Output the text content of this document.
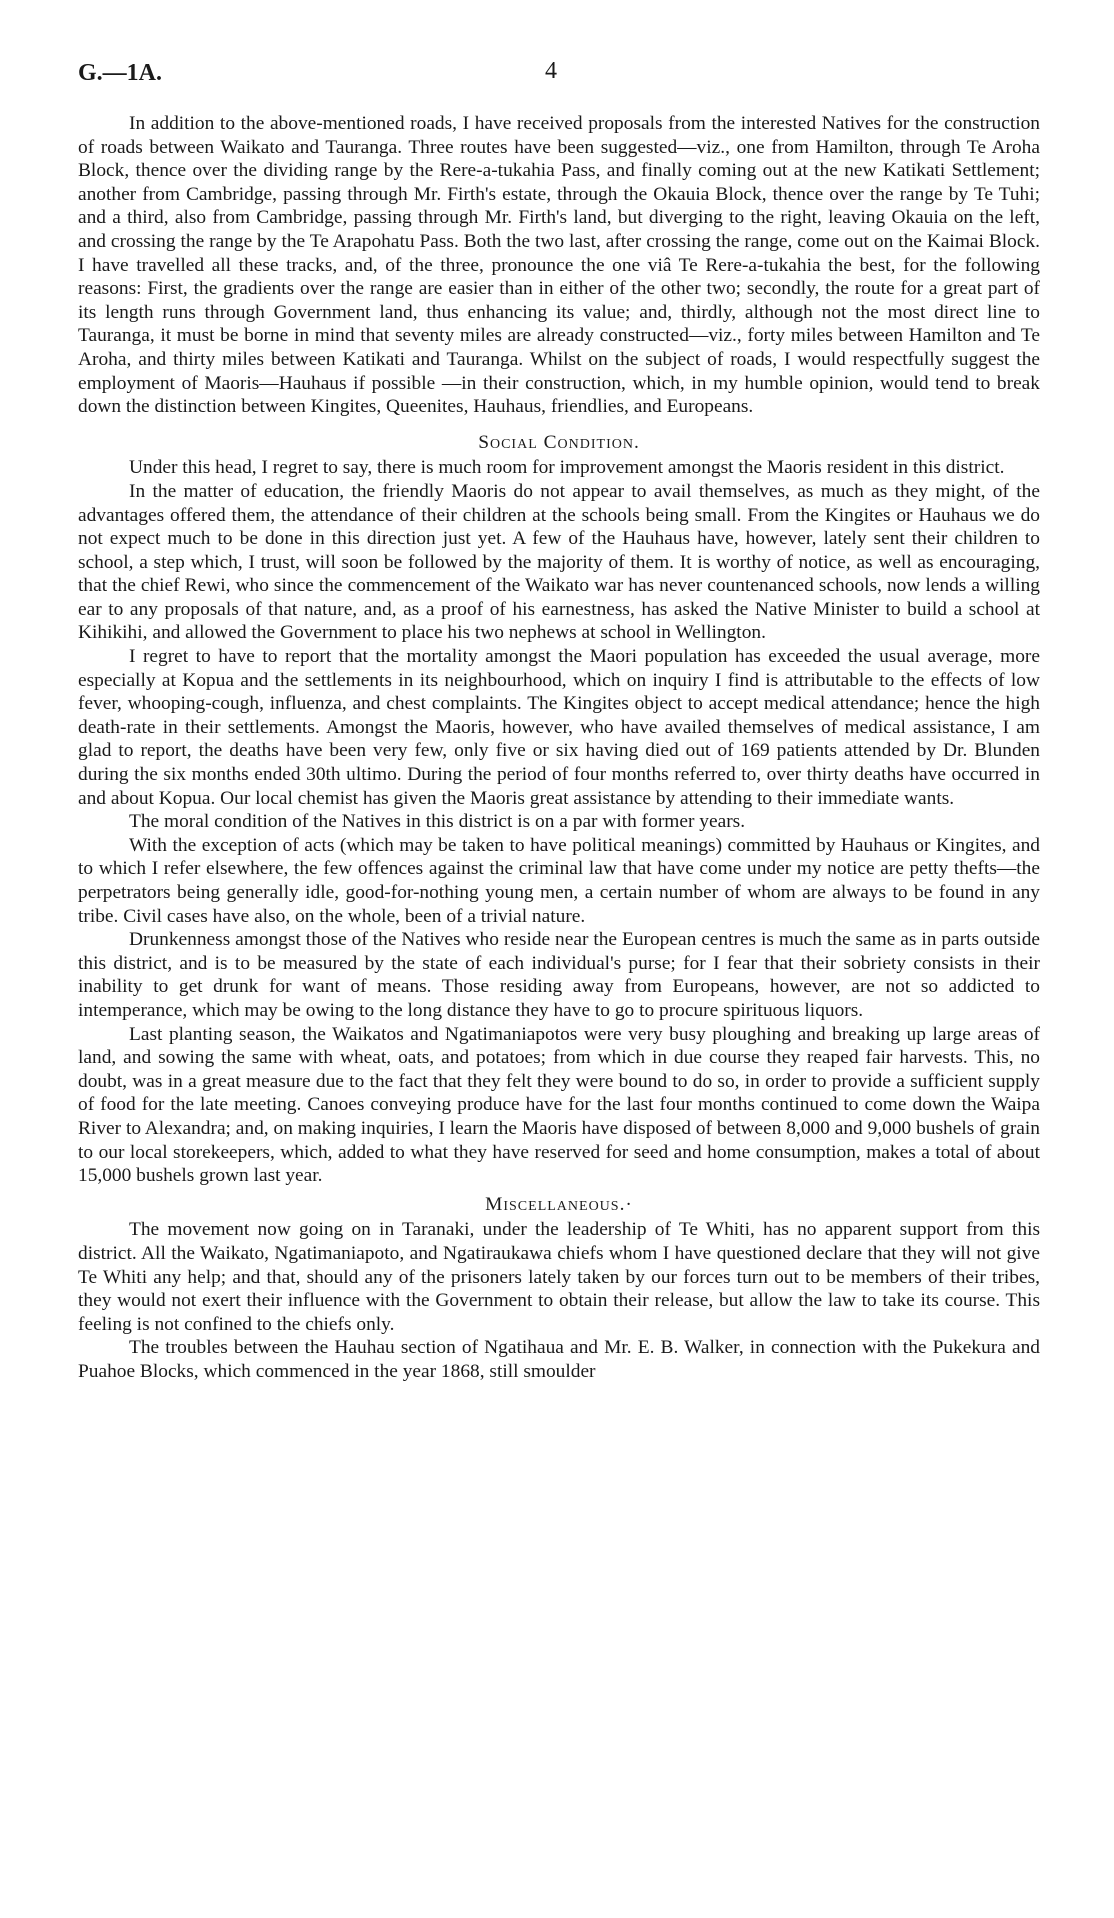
G.—1A.	4

In addition to the above-mentioned roads, I have received proposals from the interested Natives for the construction of roads between Waikato and Tauranga. Three routes have been suggested—viz., one from Hamilton, through Te Aroha Block, thence over the dividing range by the Rere-a-tukahia Pass, and finally coming out at the new Katikati Settlement; another from Cambridge, passing through Mr. Firth's estate, through the Okauia Block, thence over the range by Te Tuhi; and a third, also from Cambridge, passing through Mr. Firth's land, but diverging to the right, leaving Okauia on the left, and crossing the range by the Te Arapohatu Pass. Both the two last, after crossing the range, come out on the Kaimai Block. I have travelled all these tracks, and, of the three, pronounce the one viâ Te Rere-a-tukahia the best, for the following reasons: First, the gradients over the range are easier than in either of the other two; secondly, the route for a great part of its length runs through Government land, thus enhancing its value; and, thirdly, although not the most direct line to Tauranga, it must be borne in mind that seventy miles are already constructed—viz., forty miles between Hamilton and Te Aroha, and thirty miles between Katikati and Tauranga. Whilst on the subject of roads, I would respectfully suggest the employment of Maoris—Hauhaus if possible —in their construction, which, in my humble opinion, would tend to break down the distinction between Kingites, Queenites, Hauhaus, friendlies, and Europeans.

Social Condition.

Under this head, I regret to say, there is much room for improvement amongst the Maoris resident in this district.

In the matter of education, the friendly Maoris do not appear to avail themselves, as much as they might, of the advantages offered them, the attendance of their children at the schools being small. From the Kingites or Hauhaus we do not expect much to be done in this direction just yet. A few of the Hauhaus have, however, lately sent their children to school, a step which, I trust, will soon be followed by the majority of them. It is worthy of notice, as well as encouraging, that the chief Rewi, who since the commencement of the Waikato war has never countenanced schools, now lends a willing ear to any proposals of that nature, and, as a proof of his earnestness, has asked the Native Minister to build a school at Kihikihi, and allowed the Government to place his two nephews at school in Wellington.

I regret to have to report that the mortality amongst the Maori population has exceeded the usual average, more especially at Kopua and the settlements in its neighbourhood, which on inquiry I find is attributable to the effects of low fever, whooping-cough, influenza, and chest complaints. The Kingites object to accept medical attendance; hence the high death-rate in their settlements. Amongst the Maoris, however, who have availed themselves of medical assistance, I am glad to report, the deaths have been very few, only five or six having died out of 169 patients attended by Dr. Blunden during the six months ended 30th ultimo. During the period of four months referred to, over thirty deaths have occurred in and about Kopua. Our local chemist has given the Maoris great assistance by attending to their immediate wants.

The moral condition of the Natives in this district is on a par with former years.

With the exception of acts (which may be taken to have political meanings) committed by Hauhaus or Kingites, and to which I refer elsewhere, the few offences against the criminal law that have come under my notice are petty thefts—the perpetrators being generally idle, good-for-nothing young men, a certain number of whom are always to be found in any tribe. Civil cases have also, on the whole, been of a trivial nature.

Drunkenness amongst those of the Natives who reside near the European centres is much the same as in parts outside this district, and is to be measured by the state of each individual's purse; for I fear that their sobriety consists in their inability to get drunk for want of means. Those residing away from Europeans, however, are not so addicted to intemperance, which may be owing to the long distance they have to go to procure spirituous liquors.

Last planting season, the Waikatos and Ngatimaniapotos were very busy ploughing and breaking up large areas of land, and sowing the same with wheat, oats, and potatoes; from which in due course they reaped fair harvests. This, no doubt, was in a great measure due to the fact that they felt they were bound to do so, in order to provide a sufficient supply of food for the late meeting. Canoes conveying produce have for the last four months continued to come down the Waipa River to Alexandra; and, on making inquiries, I learn the Maoris have disposed of between 8,000 and 9,000 bushels of grain to our local storekeepers, which, added to what they have reserved for seed and home consumption, makes a total of about 15,000 bushels grown last year.

Miscellaneous.·

The movement now going on in Taranaki, under the leadership of Te Whiti, has no apparent support from this district. All the Waikato, Ngatimaniapoto, and Ngatiraukawa chiefs whom I have questioned declare that they will not give Te Whiti any help; and that, should any of the prisoners lately taken by our forces turn out to be members of their tribes, they would not exert their influence with the Government to obtain their release, but allow the law to take its course. This feeling is not confined to the chiefs only.

The troubles between the Hauhau section of Ngatihaua and Mr. E. B. Walker, in connection with the Pukekura and Puahoe Blocks, which commenced in the year 1868, still smoulder
